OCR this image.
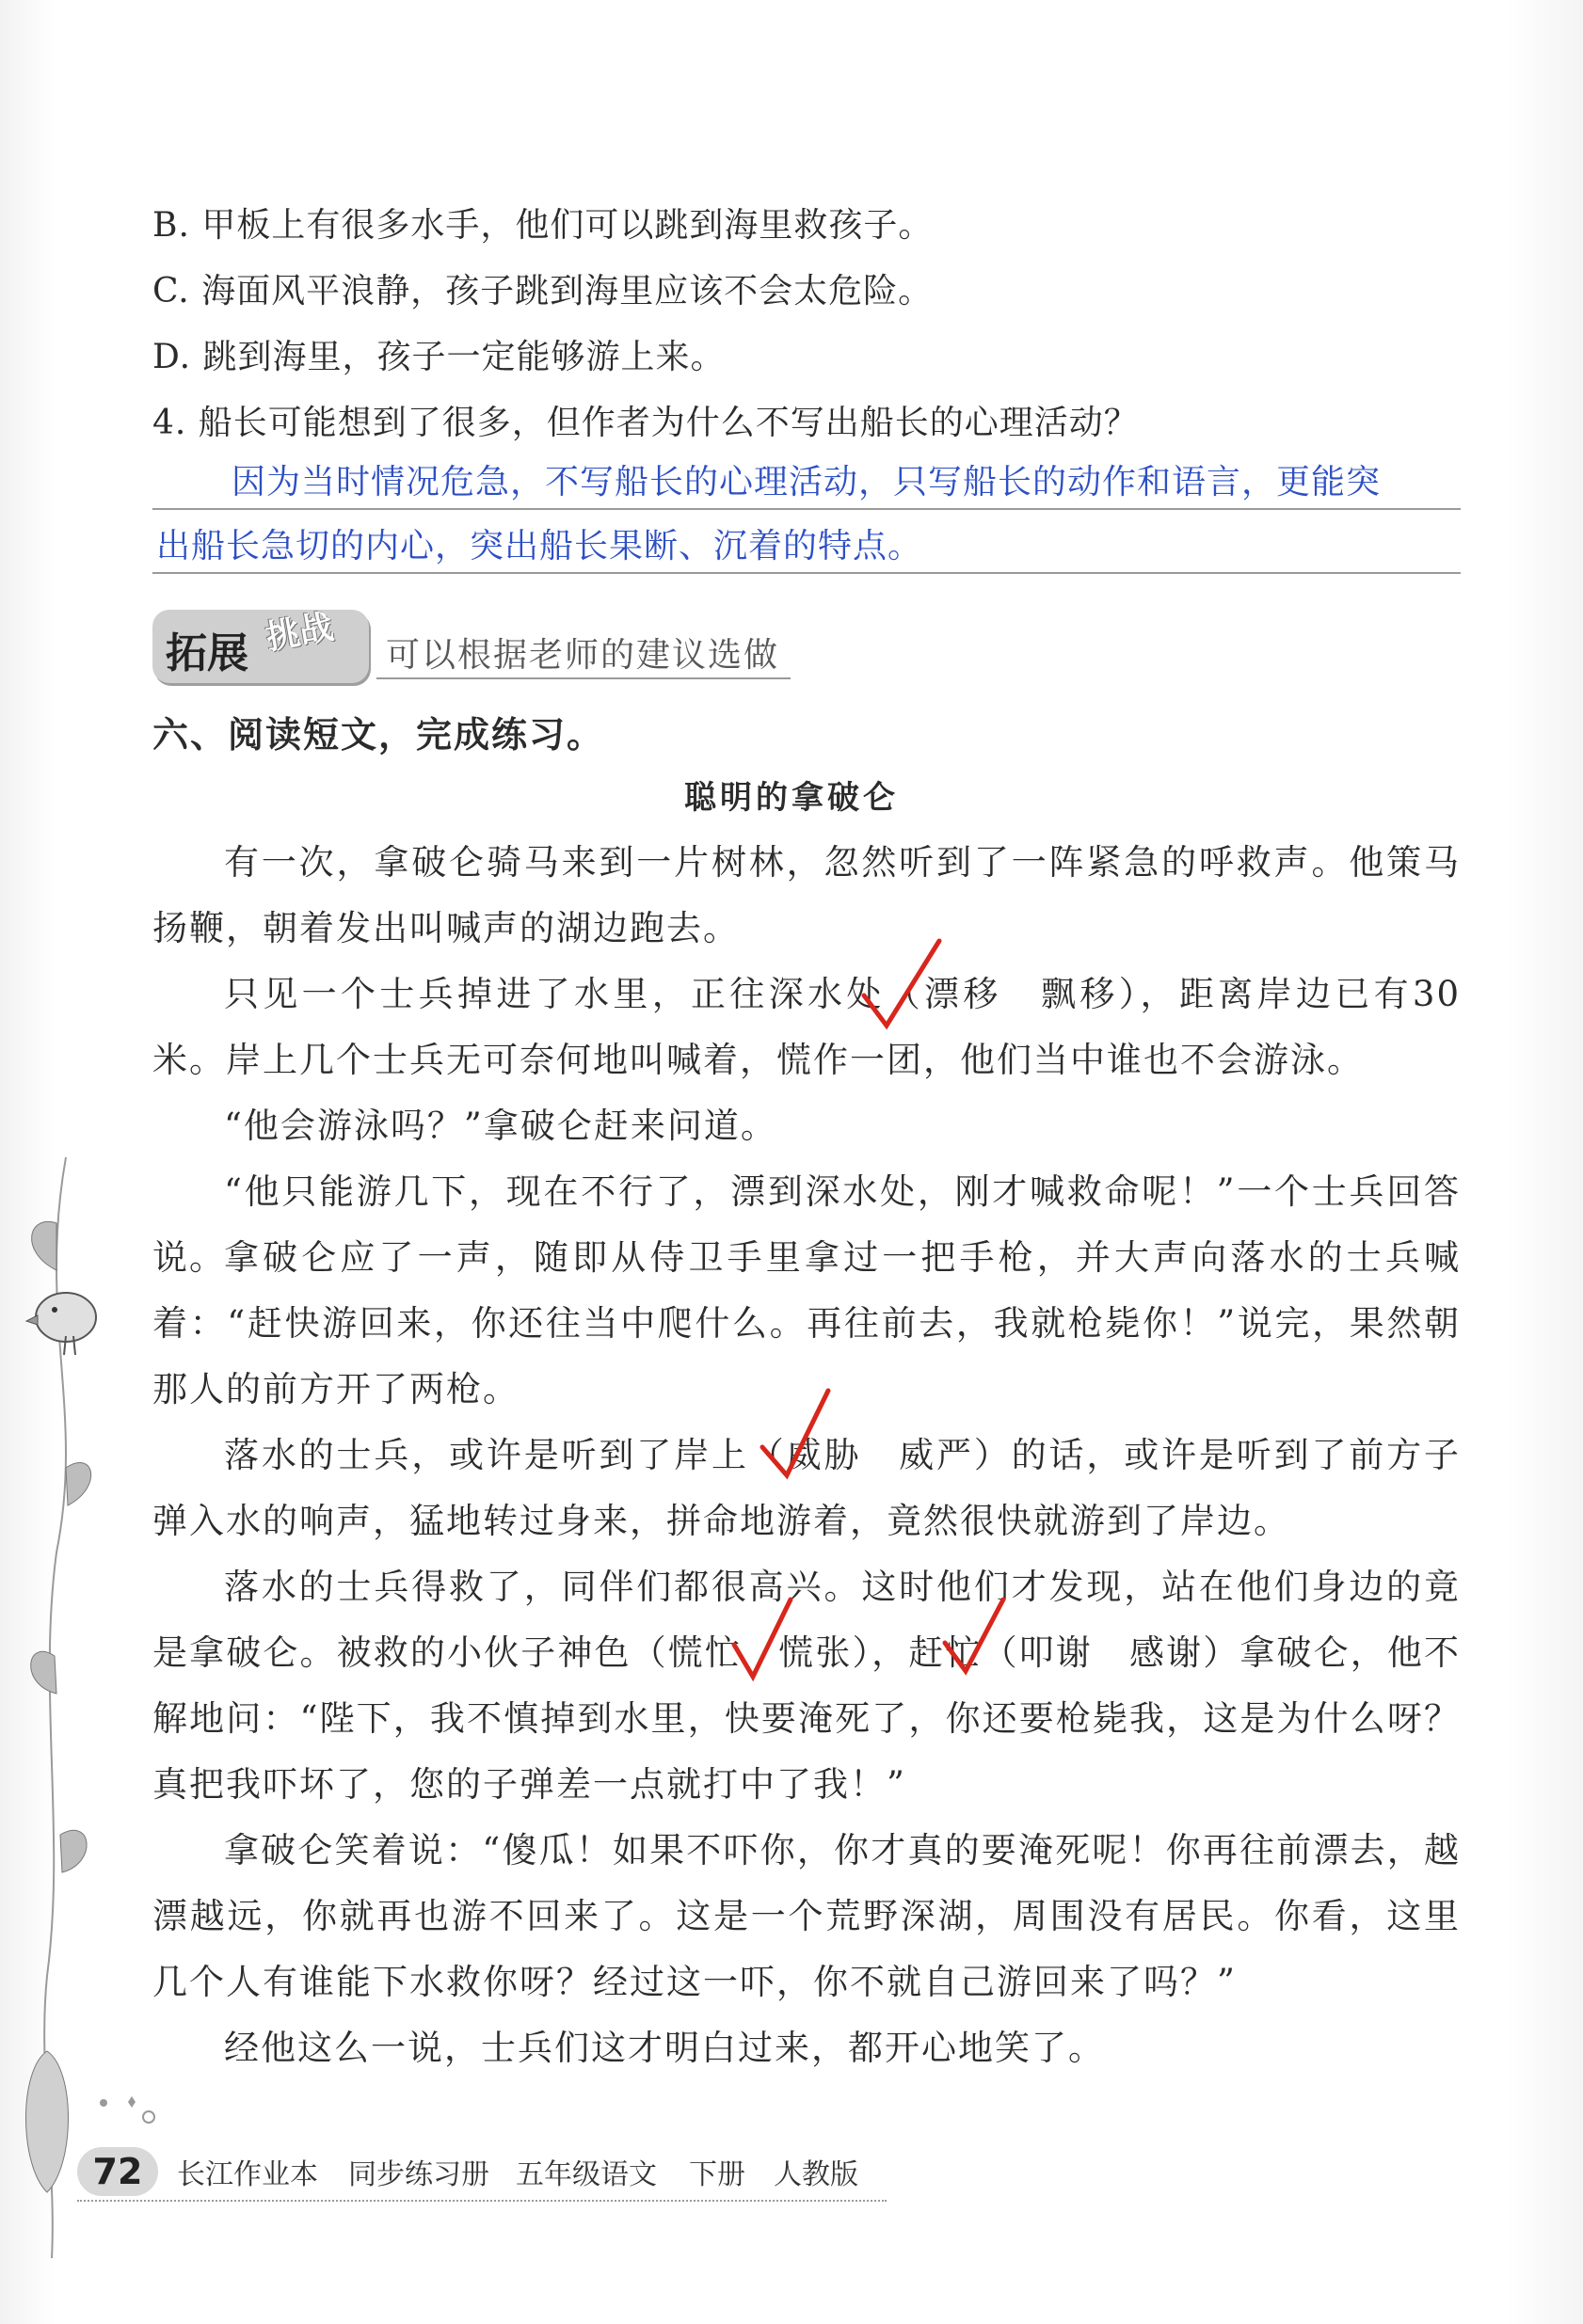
B. 甲板上有很多水手，他们可以跳到海里救孩子。
C. 海面风平浪静，孩子跳到海里应该不会太危险。
D. 跳到海里，孩子一定能够游上来。
4. 船长可能想到了很多，但作者为什么不写出船长的心理活动？
因为当时情况危急，不写船长的心理活动，只写船长的动作和语言，更能突
出船长急切的内心，突出船长果断、沉着的特点。
拓展 挑战 可以根据老师的建议选做
六、阅读短文，完成练习。
聪明的拿破仑
有一次，拿破仑骑马来到一片树林，忽然听到了一阵紧急的呼救声。他策马扬鞭，朝着发出叫喊声的湖边跑去。
只见一个士兵掉进了水里，正往深水处（漂移　飘移），距离岸边已有30米。岸上几个士兵无可奈何地叫喊着，慌作一团，他们当中谁也不会游泳。
“他会游泳吗？”拿破仑赶来问道。
“他只能游几下，现在不行了，漂到深水处，刚才喊救命呢！”一个士兵回答说。
拿破仑应了一声，随即从侍卫手里拿过一把手枪，并大声向落水的士兵喊着：“赶快游回来，你还往当中爬什么。再往前去，我就枪毙你！”说完，果然朝那人的前方开了两枪。
落水的士兵，或许是听到了岸上（威胁　威严）的话，或许是听到了前方子弹入水的响声，猛地转过身来，拼命地游着，竟然很快就游到了岸边。
落水的士兵得救了，同伴们都很高兴。这时他们才发现，站在他们身边的竟是拿破仑。被救的小伙子神色（慌忙　慌张），赶忙（叩谢　感谢）拿破仑，他不解地问：“陛下，我不慎掉到水里，快要淹死了，你还要枪毙我，这是为什么呀？真把我吓坏了，您的子弹差一点就打中了我！”
拿破仑笑着说：“傻瓜！如果不吓你，你才真的要淹死呢！你再往前漂去，越漂越远，你就再也游不回来了。这是一个荒野深湖，周围没有居民。你看，这里几个人有谁能下水救你呀？经过这一吓，你不就自己游回来了吗？”
经他这么一说，士兵们这才明白过来，都开心地笑了。
72	长江作业本 同步练习册 五年级语文 下册 人教版
